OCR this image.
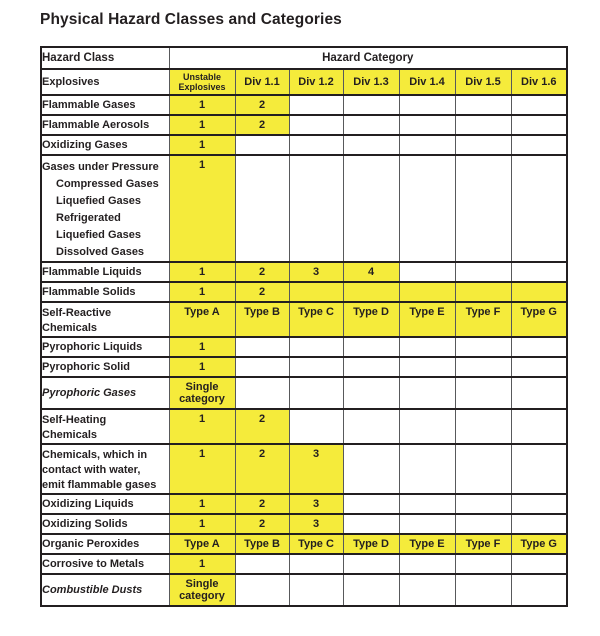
Physical Hazard Classes and Categories
Hazard Class	Hazard Category						

Explosives	Unstable Explosives	Div 1.1	Div 1.2	Div 1.3	Div 1.4	Div 1.5	Div 1.6

Flammable Gases	1	2					

Flammable Aerosols	1	2					

Oxidizing Gases	1						

Gases under Pressure
Compressed Gases
Liquefied Gases
Refrigerated
Liquefied Gases
Dissolved Gases
	1						

Flammable Liquids	1	2	3	4			

Flammable Solids	1	2					

Self-Reactive
Chemicals	Type A	Type B	Type C	Type D	Type E	Type F	Type G

Pyrophoric Liquids	1						

Pyrophoric Solid	1						

Pyrophoric Gases	Single category						

Self-Heating
Chemicals	1	2					

Chemicals, which in
contact with water,
emit flammable gases	1	2	3				

Oxidizing Liquids	1	2	3				

Oxidizing Solids	1	2	3				

Organic Peroxides	Type A	Type B	Type C	Type D	Type E	Type F	Type G

Corrosive to Metals	1						

Combustible Dusts	Single category						
